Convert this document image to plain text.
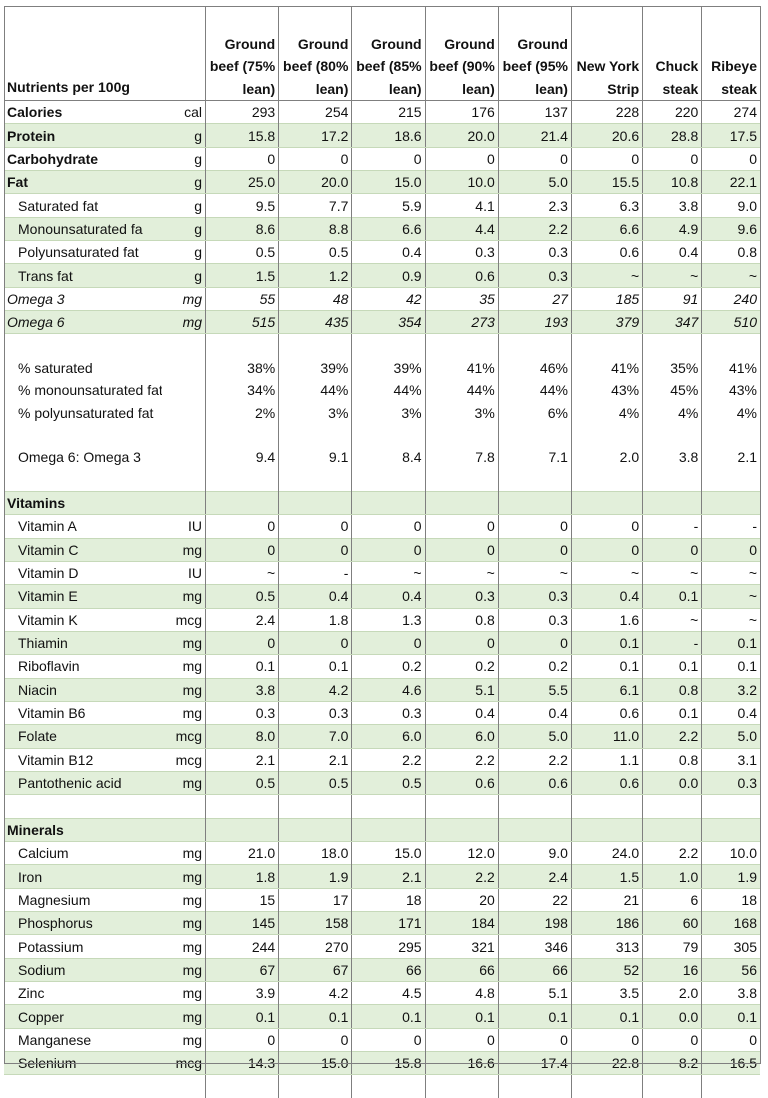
Nutrients per 100g		Ground beef (75% lean)	Ground beef (80% lean)	Ground beef (85% lean)	Ground beef (90% lean)	Ground beef (95% lean)	New York Strip	Chuck steak	Ribeye steak
Calories	cal	293	254	215	176	137	228	220	274
Protein	g	15.8	17.2	18.6	20.0	21.4	20.6	28.8	17.5
Carbohydrate	g	0	0	0	0	0	0	0	0
Fat	g	25.0	20.0	15.0	10.0	5.0	15.5	10.8	22.1
Saturated fat	g	9.5	7.7	5.9	4.1	2.3	6.3	3.8	9.0
Monounsaturated fa	g	8.6	8.8	6.6	4.4	2.2	6.6	4.9	9.6
Polyunsaturated fat	g	0.5	0.5	0.4	0.3	0.3	0.6	0.4	0.8
Trans fat	g	1.5	1.2	0.9	0.6	0.3	~	~	~
Omega 3	mg	55	48	42	35	27	185	91	240
Omega 6	mg	515	435	354	273	193	379	347	510

% saturated		38%	39%	39%	41%	46%	41%	35%	41%
% monounsaturated fat		34%	44%	44%	44%	44%	43%	45%	43%
% polyunsaturated fat		2%	3%	3%	3%	6%	4%	4%	4%

Omega 6: Omega 3		9.4	9.1	8.4	7.8	7.1	2.0	3.8	2.1

Vitamins									
Vitamin A	IU	0	0	0	0	0	0	-	-
Vitamin C	mg	0	0	0	0	0	0	0	0
Vitamin D	IU	~	-	~	~	~	~	~	~
Vitamin E	mg	0.5	0.4	0.4	0.3	0.3	0.4	0.1	~
Vitamin K	mcg	2.4	1.8	1.3	0.8	0.3	1.6	~	~
Thiamin	mg	0	0	0	0	0	0.1	-	0.1
Riboflavin	mg	0.1	0.1	0.2	0.2	0.2	0.1	0.1	0.1
Niacin	mg	3.8	4.2	4.6	5.1	5.5	6.1	0.8	3.2
Vitamin B6	mg	0.3	0.3	0.3	0.4	0.4	0.6	0.1	0.4
Folate	mcg	8.0	7.0	6.0	6.0	5.0	11.0	2.2	5.0
Vitamin B12	mcg	2.1	2.1	2.2	2.2	2.2	1.1	0.8	3.1
Pantothenic acid	mg	0.5	0.5	0.5	0.6	0.6	0.6	0.0	0.3

Minerals									
Calcium	mg	21.0	18.0	15.0	12.0	9.0	24.0	2.2	10.0
Iron	mg	1.8	1.9	2.1	2.2	2.4	1.5	1.0	1.9
Magnesium	mg	15	17	18	20	22	21	6	18
Phosphorus	mg	145	158	171	184	198	186	60	168
Potassium	mg	244	270	295	321	346	313	79	305
Sodium	mg	67	67	66	66	66	52	16	56
Zinc	mg	3.9	4.2	4.5	4.8	5.1	3.5	2.0	3.8
Copper	mg	0.1	0.1	0.1	0.1	0.1	0.1	0.0	0.1
Manganese	mg	0	0	0	0	0	0	0	0
Selenium	mcg	14.3	15.0	15.8	16.6	17.4	22.8	8.2	16.5
